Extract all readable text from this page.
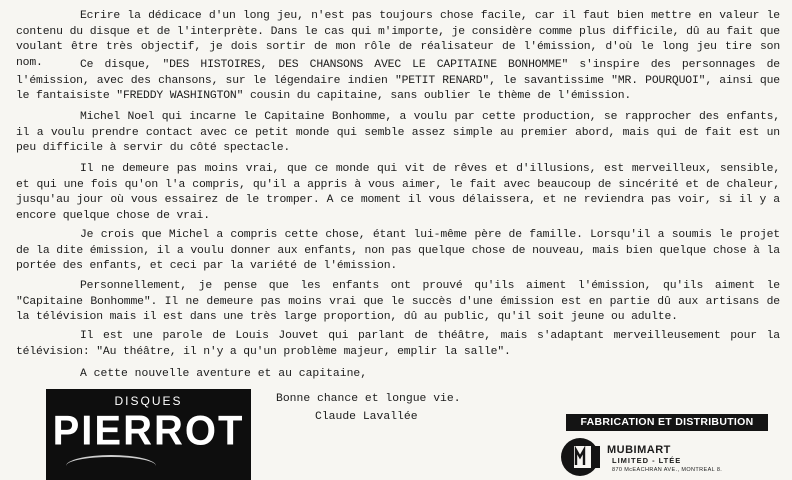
Ecrire la dédicace d'un long jeu, n'est pas toujours chose facile, car il faut bien mettre en valeur le contenu du disque et de l'interprète. Dans le cas qui m'importe, je considère comme plus difficile, dû au fait que voulant être très objectif, je dois sortir de mon rôle de réalisateur de l'émission, d'où le long jeu tire son nom.	Ce disque, "DES HISTOIRES, DES CHANSONS AVEC LE CAPITAINE BONHOMME" s'inspire des personnages de l'émission, avec des chansons, sur le légendaire indien "PETIT RENARD", le savantissime "MR. POURQUOI", ainsi que le fantaisiste "FREDDY WASHINGTON" cousin du capitaine, sans oublier le thème de l'émission.

Michel Noel qui incarne le Capitaine Bonhomme, a voulu par cette production, se rapprocher des enfants, il a voulu prendre contact avec ce petit monde qui semble assez simple au premier abord, mais qui de fait est un peu difficile à servir du côté spectacle.

Il ne demeure pas moins vrai, que ce monde qui vit de rêves et d'illusions, est merveilleux, sensible, et qui une fois qu'on l'a compris, qu'il a appris à vous aimer, le fait avec beaucoup de sincérité et de chaleur, jusqu'au jour où vous essairez de le tromper. A ce moment il vous délaissera, et ne reviendra pas voir, si il y a encore quelque chose de vrai.

Je crois que Michel a compris cette chose, étant lui-même père de famille. Lorsqu'il a soumis le projet de la dite émission, il a voulu donner aux enfants, non pas quelque chose de nouveau, mais bien quelque chose à la portée des enfants, et ceci par la variété de l'émission.

Personnellement, je pense que les enfants ont prouvé qu'ils aiment l'émission, qu'ils aiment le "Capitaine Bonhomme". Il ne demeure pas moins vrai que le succès d'une émission est en partie dû aux artisans de la télévision mais il est dans une très large proportion, dû au public, qu'il soit jeune ou adulte.

Il est une parole de Louis Jouvet qui parlant de théâtre, mais s'adaptant merveilleusement pour la télévision: "Au théâtre, il n'y a qu'un problème majeur, emplir la salle".

A cette nouvelle aventure et au capitaine,
Bonne chance et longue vie.
Claude Lavallée
DISQUES
PIERROT	FABRICATION ET DISTRIBUTION
MUBIMART
LIMITED - LTÉE
870 McEACHRAN AVE., MONTREAL 8.
